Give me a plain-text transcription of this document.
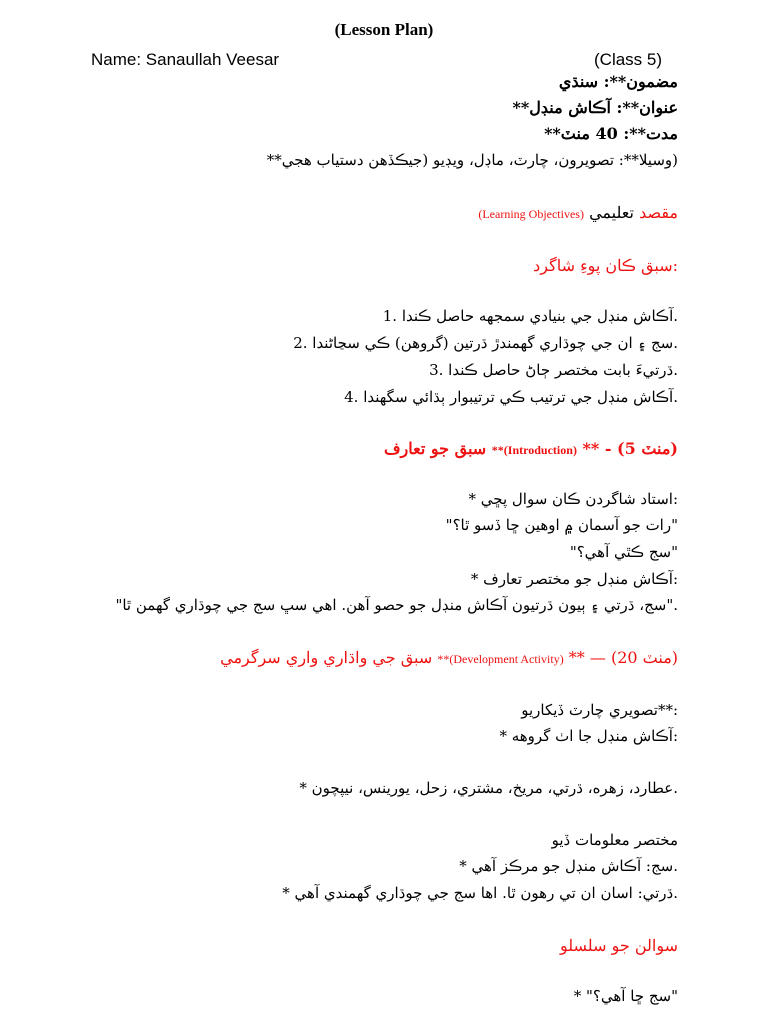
(Lesson Plan)
Name: Sanaullah Veesar	(Class 5)
مضمون**: سنڌي
عنوان**: آڪاش منڊل**
مدت**: 40 منٽ**
(وسيلا**: تصويرون، چارٽ، ماڊل، ويڊيو (جيڪڏهن دستياب هجي**
مقصد تعليمي (Learning Objectives)
:سبق ڪان پوءِ شاگرد
.آڪاش منڊل جي بنيادي سمجهه حاصل ڪندا .1
.سج ۽ ان جي چوڌاري گهمندڙ ڌرتين (گروهن) ڪي سڃاڻندا .2
.ڌرتيءَ بابت مختصر ڄاڻ حاصل ڪندا .3
.آڪاش منڊل جي ترتيب ڪي ترتيبوار ٻڌائي سگهندا .4
(منٽ 5) - ** (Introduction)** سبق جو تعارف
:استاد شاگردن ڪان سوال پڇي *
"رات جو آسمان ۾ اوهين ڇا ڏسو ٿا؟"
"سج ڪٿي آهي؟"
:آڪاش منڊل جو مختصر تعارف *
."سج، ڌرتي ۽ ٻيون ڌرتيون آڪاش منڊل جو حصو آهن. اهي سڀ سج جي چوڌاري گهمن ٿا"
(منٽ 20) — ** (Development Activity)** سبق جي واڌاري واري سرگرمي
:**تصويري چارٽ ڏيکاريو
:آڪاش منڊل جا اٺ گروهه *
.عطارد، زهره، ڌرتي، مريخ، مشتري، زحل، يورينس، نيپچون *
مختصر معلومات ڏيو
.سج: آڪاش منڊل جو مرڪز آهي *
.ڌرتي: اسان ان تي رهون ٿا. اها سج جي چوڌاري گهمندي آهي *
سوالن جو سلسلو
"سج ڇا آهي؟" *
